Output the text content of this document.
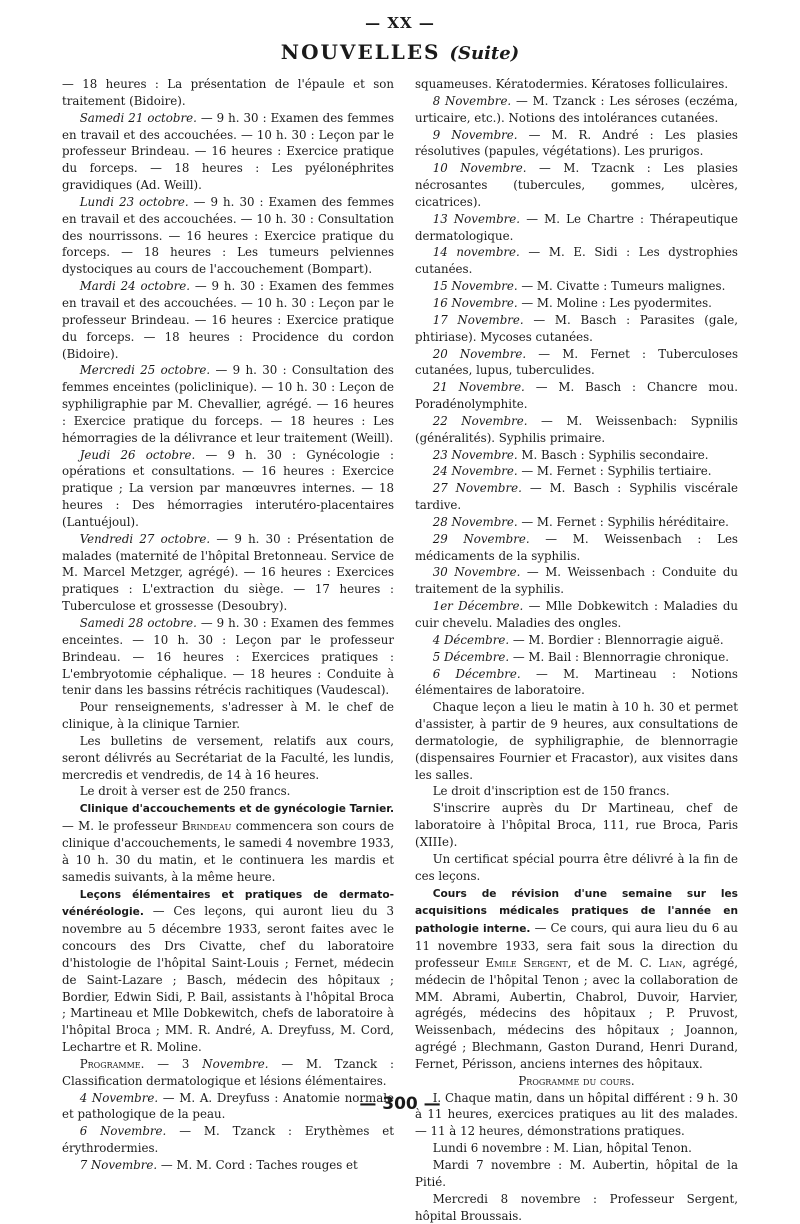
— XX —
NOUVELLES (Suite)

— 18 heures : La présentation de l'épaule et son traitement (Bidoire).

Samedi 21 octobre. — 9 h. 30 : Examen des femmes en travail et des accouchées. — 10 h. 30 : Leçon par le professeur Brindeau. — 16 heures : Exercice pratique du forceps. — 18 heures : Les pyélonéphrites gravidiques (Ad. Weill).

Lundi 23 octobre. — 9 h. 30 : Examen des femmes en travail et des accouchées. — 10 h. 30 : Consultation des nourrissons. — 16 heures : Exercice pratique du forceps. — 18 heures : Les tumeurs pelviennes dystociques au cours de l'accouchement (Bompart).

Mardi 24 octobre. — 9 h. 30 : Examen des femmes en travail et des accouchées. — 10 h. 30 : Leçon par le professeur Brindeau. — 16 heures : Exercice pratique du forceps. — 18 heures : Procidence du cordon (Bidoire).

Mercredi 25 octobre. — 9 h. 30 : Consultation des femmes enceintes (policlinique). — 10 h. 30 : Leçon de syphiligraphie par M. Chevallier, agrégé. — 16 heures : Exercice pratique du forceps. — 18 heures : Les hémorragies de la délivrance et leur traitement (Weill).

Jeudi 26 octobre. — 9 h. 30 : Gynécologie : opérations et consultations. — 16 heures : Exercice pratique ; La version par manœuvres internes. — 18 heures : Des hémorragies interutéro-placentaires (Lantuéjoul).

Vendredi 27 octobre. — 9 h. 30 : Présentation de malades (maternité de l'hôpital Bretonneau. Service de M. Marcel Metzger, agrégé). — 16 heures : Exercices pratiques : L'extraction du siège. — 17 heures : Tuberculose et grossesse (Desoubry).

Samedi 28 octobre. — 9 h. 30 : Examen des femmes enceintes. — 10 h. 30 : Leçon par le professeur Brindeau. — 16 heures : Exercices pratiques : L'embryotomie céphalique. — 18 heures : Conduite à tenir dans les bassins rétrécis rachitiques (Vaudescal).

Pour renseignements, s'adresser à M. le chef de clinique, à la clinique Tarnier.

Les bulletins de versement, relatifs aux cours, seront délivrés au Secrétariat de la Faculté, les lundis, mercredis et vendredis, de 14 à 16 heures.

Le droit à verser est de 250 francs.

Clinique d'accouchements et de gynécologie Tarnier. — M. le professeur Brindeau commencera son cours de clinique d'accouchements, le samedi 4 novembre 1933, à 10 h. 30 du matin, et le continuera les mardis et samedis suivants, à la même heure.

Leçons élémentaires et pratiques de dermato-vénéréologie. — Ces leçons, qui auront lieu du 3 novembre au 5 décembre 1933, seront faites avec le concours des Drs Civatte, chef du laboratoire d'histologie de l'hôpital Saint-Louis ; Fernet, médecin de Saint-Lazare ; Basch, médecin des hôpitaux ; Bordier, Edwin Sidi, P. Bail, assistants à l'hôpital Broca ; Martineau et Mlle Dobkewitch, chefs de laboratoire à l'hôpital Broca ; MM. R. André, A. Dreyfuss, M. Cord, Lechartre et R. Moline.

Programme. — 3 Novembre. — M. Tzanck : Classification dermatologique et lésions élémentaires.

4 Novembre. — M. A. Dreyfuss : Anatomie normale et pathologique de la peau.

6 Novembre. — M. Tzanck : Erythèmes et érythrodermies.

7 Novembre. — M. M. Cord : Taches rouges et

squameuses. Kératodermies. Kératoses folliculaires.

8 Novembre. — M. Tzanck : Les séroses (eczéma, urticaire, etc.). Notions des intolérances cutanées.

9 Novembre. — M. R. André : Les plasies résolutives (papules, végétations). Les prurigos.

10 Novembre. — M. Tzacnk : Les plasies nécrosantes (tubercules, gommes, ulcères, cicatrices).

13 Novembre. — M. Le Chartre : Thérapeutique dermatologique.

14 novembre. — M. E. Sidi : Les dystrophies cutanées.

15 Novembre. — M. Civatte : Tumeurs malignes.

16 Novembre. — M. Moline : Les pyodermites.

17 Novembre. — M. Basch : Parasites (gale, phtiriase). Mycoses cutanées.

20 Novembre. — M. Fernet : Tuberculoses cutanées, lupus, tuberculides.

21 Novembre. — M. Basch : Chancre mou. Poradénolymphite.

22 Novembre. — M. Weissenbach: Sypnilis (généralités). Syphilis primaire.

23 Novembre. M. Basch : Syphilis secondaire.

24 Novembre. — M. Fernet : Syphilis tertiaire.

27 Novembre. — M. Basch : Syphilis viscérale tardive.

28 Novembre. — M. Fernet : Syphilis héréditaire.

29 Novembre. — M. Weissenbach : Les médicaments de la syphilis.

30 Novembre. — M. Weissenbach : Conduite du traitement de la syphilis.

1er Décembre. — Mlle Dobkewitch : Maladies du cuir chevelu. Maladies des ongles.

4 Décembre. — M. Bordier : Blennorragie aiguë.

5 Décembre. — M. Bail : Blennorragie chronique.

6 Décembre. — M. Martineau : Notions élémentaires de laboratoire.

Chaque leçon a lieu le matin à 10 h. 30 et permet d'assister, à partir de 9 heures, aux consultations de dermatologie, de syphiligraphie, de blennorragie (dispensaires Fournier et Fracastor), aux visites dans les salles.

Le droit d'inscription est de 150 francs.

S'inscrire auprès du Dr Martineau, chef de laboratoire à l'hôpital Broca, 111, rue Broca, Paris (XIIIe).

Un certificat spécial pourra être délivré à la fin de ces leçons.

Cours de révision d'une semaine sur les acquisitions médicales pratiques de l'année en pathologie interne. — Ce cours, qui aura lieu du 6 au 11 novembre 1933, sera fait sous la direction du professeur Emile Sergent, et de M. C. Lian, agrégé, médecin de l'hôpital Tenon ; avec la collaboration de MM. Abrami, Aubertin, Chabrol, Duvoir, Harvier, agrégés, médecins des hôpitaux ; P. Pruvost, Weissenbach, médecins des hôpitaux ; Joannon, agrégé ; Blechmann, Gaston Durand, Henri Durand, Fernet, Périsson, anciens internes des hôpitaux.

Programme du cours.

I. Chaque matin, dans un hôpital différent : 9 h. 30 à 11 heures, exercices pratiques au lit des malades. — 11 à 12 heures, démonstrations pratiques.

Lundi 6 novembre : M. Lian, hôpital Tenon.

Mardi 7 novembre : M. Aubertin, hôpital de la Pitié.

Mercredi 8 novembre : Professeur Sergent, hôpital Broussais.

— 300 —
